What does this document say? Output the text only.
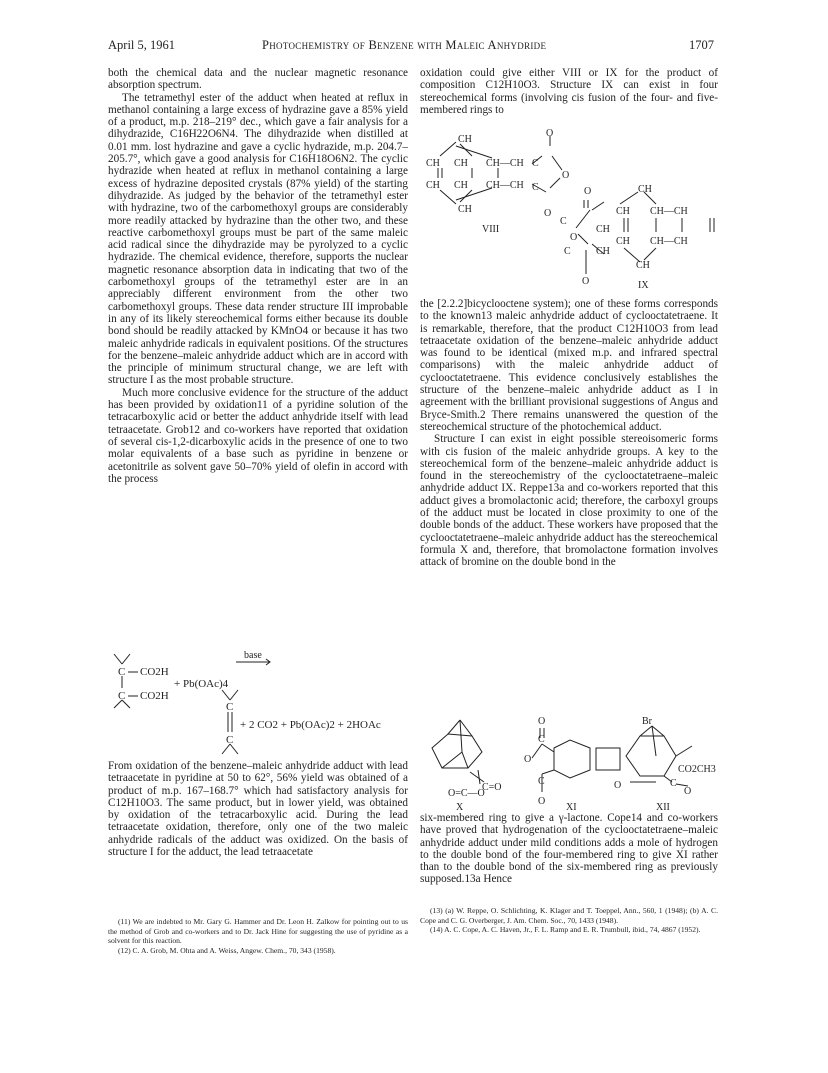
April 5, 1961	Photochemistry of Benzene with Maleic Anhydride	1707

both the chemical data and the nuclear magnetic resonance absorption spectrum.

The tetramethyl ester of the adduct when heated at reflux in methanol containing a large excess of hydrazine gave a 85% yield of a product, m.p. 218–219° dec., which gave a fair analysis for a dihydrazide, C16H22O6N4. The dihydrazide when distilled at 0.01 mm. lost hydrazine and gave a cyclic hydrazide, m.p. 204.7–205.7°, which gave a good analysis for C16H18O6N2. The cyclic hydrazide when heated at reflux in methanol containing a large excess of hydrazine deposited crystals (87% yield) of the starting dihydrazide. As judged by the behavior of the tetramethyl ester with hydrazine, two of the carbomethoxyl groups are considerably more readily attacked by hydrazine than the other two, and these reactive carbomethoxyl groups must be part of the same maleic acid radical since the dihydrazide may be pyrolyzed to a cyclic hydrazide. The chemical evidence, therefore, supports the nuclear magnetic resonance absorption data in indicating that two of the carbomethoxyl groups of the tetramethyl ester are in an appreciably different environment from the other two carbomethoxyl groups. These data render structure III improbable in any of its likely stereochemical forms either because its double bond should be readily attacked by KMnO4 or because it has two maleic anhydride radicals in equivalent positions. Of the structures for the benzene–maleic anhydride adduct which are in accord with the principle of minimum structural change, we are left with structure I as the most probable structure.

Much more conclusive evidence for the structure of the adduct has been provided by oxidation11 of a pyridine solution of the tetracarboxylic acid or better the adduct anhydride itself with lead tetraacetate. Grob12 and co-workers have reported that oxidation of several cis-1,2-dicarboxylic acids in the presence of one to two molar equivalents of a base such as pyridine in benzene or acetonitrile as solvent gave 50–70% yield of olefin in accord with the process

C
C
CO2H
CO2H
+ Pb(OAc)4
base
C
C
+ 2 CO2 + Pb(OAc)2 + 2HOAc

From oxidation of the benzene–maleic anhydride adduct with lead tetraacetate in pyridine at 50 to 62°, 56% yield was obtained of a product of m.p. 167–168.7° which had satisfactory analysis for C12H10O3. The same product, but in lower yield, was obtained by oxidation of the tetracarboxylic acid. During the lead tetraacetate oxidation, therefore, only one of the two maleic anhydride radicals of the adduct was oxidized. On the basis of structure I for the adduct, the lead tetraacetate

(11) We are indebted to Mr. Gary G. Hammer and Dr. Leon H. Zalkow for pointing out to us the method of Grob and co-workers and to Dr. Jack Hine for suggesting the use of pyridine as a solvent for this reaction.

(12) C. A. Grob, M. Ohta and A. Weiss, Angew. Chem., 70, 343 (1958).

oxidation could give either VIII or IX for the product of composition C12H10O3. Structure IX can exist in four stereochemical forms (involving cis fusion of the four- and five-membered rings to

CH
CH CH CH—CH C
CH CH CH—CH C
O
O
CH
O
C
CH
CH
CH
CH—CH
O
C	CH
CH CH—CH
CH
O
O
VIII
IX

the [2.2.2]bicyclooctene system); one of these forms corresponds to the known13 maleic anhydride adduct of cyclooctatetraene. It is remarkable, therefore, that the product C12H10O3 from lead tetraacetate oxidation of the benzene–maleic anhydride adduct was found to be identical (mixed m.p. and infrared spectral comparisons) with the maleic anhydride adduct of cyclooctatetraene. This evidence conclusively establishes the structure of the benzene–maleic anhydride adduct as I in agreement with the brilliant provisional suggestions of Angus and Bryce-Smith.2 There remains unanswered the question of the stereochemical structure of the photochemical adduct.

Structure I can exist in eight possible stereoisomeric forms with cis fusion of the maleic anhydride groups. A key to the stereochemical form of the benzene–maleic anhydride adduct is found in the stereochemistry of the cyclooctatetraene–maleic anhydride adduct IX. Reppe13a and co-workers reported that this adduct gives a bromolactonic acid; therefore, the carboxyl groups of the adduct must be located in close proximity to one of the double bonds of the adduct. These workers have proposed that the cyclooctatetraene–maleic anhydride adduct has the stereochemical formula X and, therefore, that bromolactone formation involves attack of bromine on the double bond in the

O
C
O
C
O
O	C
O
C=O
O=C—O
CO2CH3
Br
X	XI	XII

six-membered ring to give a γ-lactone. Cope14 and co-workers have proved that hydrogenation of the cyclooctatetraene–maleic anhydride adduct under mild conditions adds a mole of hydrogen to the double bond of the four-membered ring to give XI rather than to the double bond of the six-membered ring as previously supposed.13a Hence

(13) (a) W. Reppe, O. Schlichting, K. Klager and T. Toeppel, Ann., 560, 1 (1948); (b) A. C. Cope and C. G. Overberger, J. Am. Chem. Soc., 70, 1433 (1948).

(14) A. C. Cope, A. C. Haven, Jr., F. L. Ramp and E. R. Trumbull, ibid., 74, 4867 (1952).
